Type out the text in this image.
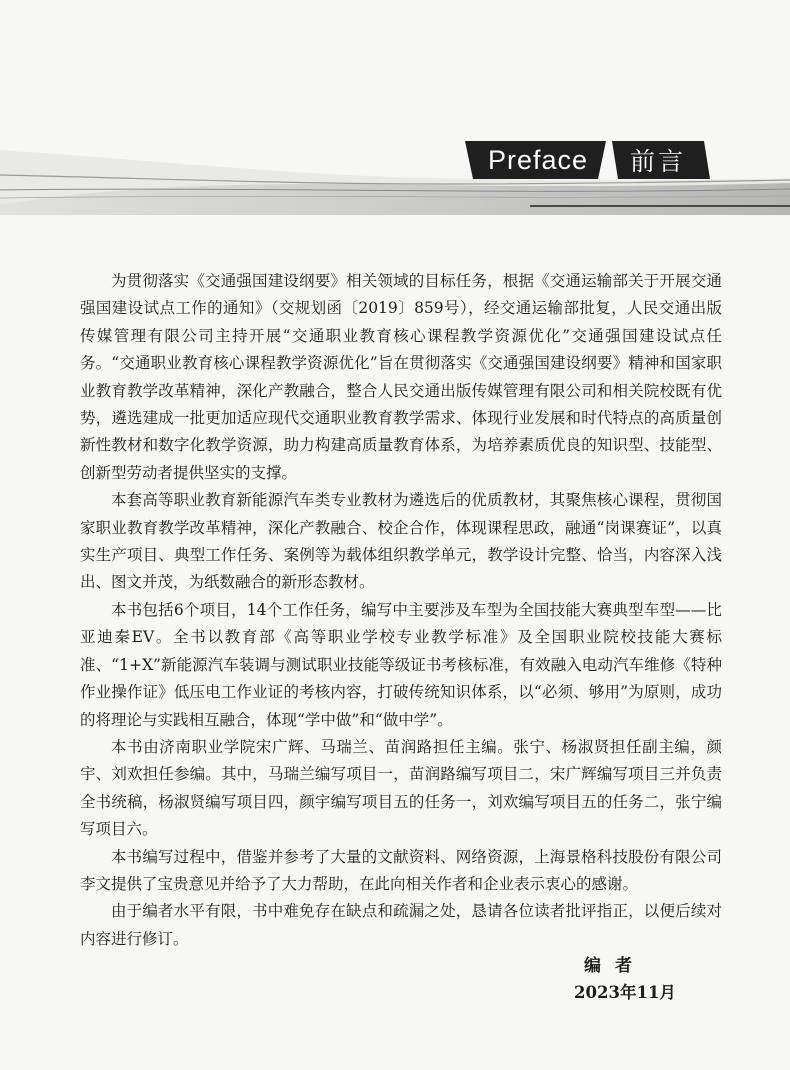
Preface	前言

为贯彻落实《交通强国建设纲要》相关领域的目标任务，根据《交通运输部关于开展交通强国建设试点工作的通知》（交规划函〔2019〕859号），经交通运输部批复，人民交通出版传媒管理有限公司主持开展“交通职业教育核心课程教学资源优化”交通强国建设试点任务。“交通职业教育核心课程教学资源优化”旨在贯彻落实《交通强国建设纲要》精神和国家职业教育教学改革精神，深化产教融合，整合人民交通出版传媒管理有限公司和相关院校既有优势，遴选建成一批更加适应现代交通职业教育教学需求、体现行业发展和时代特点的高质量创新性教材和数字化教学资源，助力构建高质量教育体系，为培养素质优良的知识型、技能型、创新型劳动者提供坚实的支撑。

本套高等职业教育新能源汽车类专业教材为遴选后的优质教材，其聚焦核心课程，贯彻国家职业教育教学改革精神，深化产教融合、校企合作，体现课程思政，融通“岗课赛证”，以真实生产项目、典型工作任务、案例等为载体组织教学单元，教学设计完整、恰当，内容深入浅出、图文并茂，为纸数融合的新形态教材。

本书包括6个项目，14个工作任务，编写中主要涉及车型为全国技能大赛典型车型——比亚迪秦EV。全书以教育部《高等职业学校专业教学标准》及全国职业院校技能大赛标准、“1+X”新能源汽车装调与测试职业技能等级证书考核标准，有效融入电动汽车维修《特种作业操作证》低压电工作业证的考核内容，打破传统知识体系，以“必须、够用”为原则，成功的将理论与实践相互融合，体现“学中做”和“做中学”。

本书由济南职业学院宋广辉、马瑞兰、苗润路担任主编。张宁、杨淑贤担任副主编，颜宇、刘欢担任参编。其中，马瑞兰编写项目一，苗润路编写项目二，宋广辉编写项目三并负责全书统稿，杨淑贤编写项目四，颜宇编写项目五的任务一，刘欢编写项目五的任务二，张宁编写项目六。

本书编写过程中，借鉴并参考了大量的文献资料、网络资源，上海景格科技股份有限公司李文提供了宝贵意见并给予了大力帮助，在此向相关作者和企业表示衷心的感谢。

由于编者水平有限，书中难免存在缺点和疏漏之处，恳请各位读者批评指正，以便后续对内容进行修订。

编者
2023年11月
